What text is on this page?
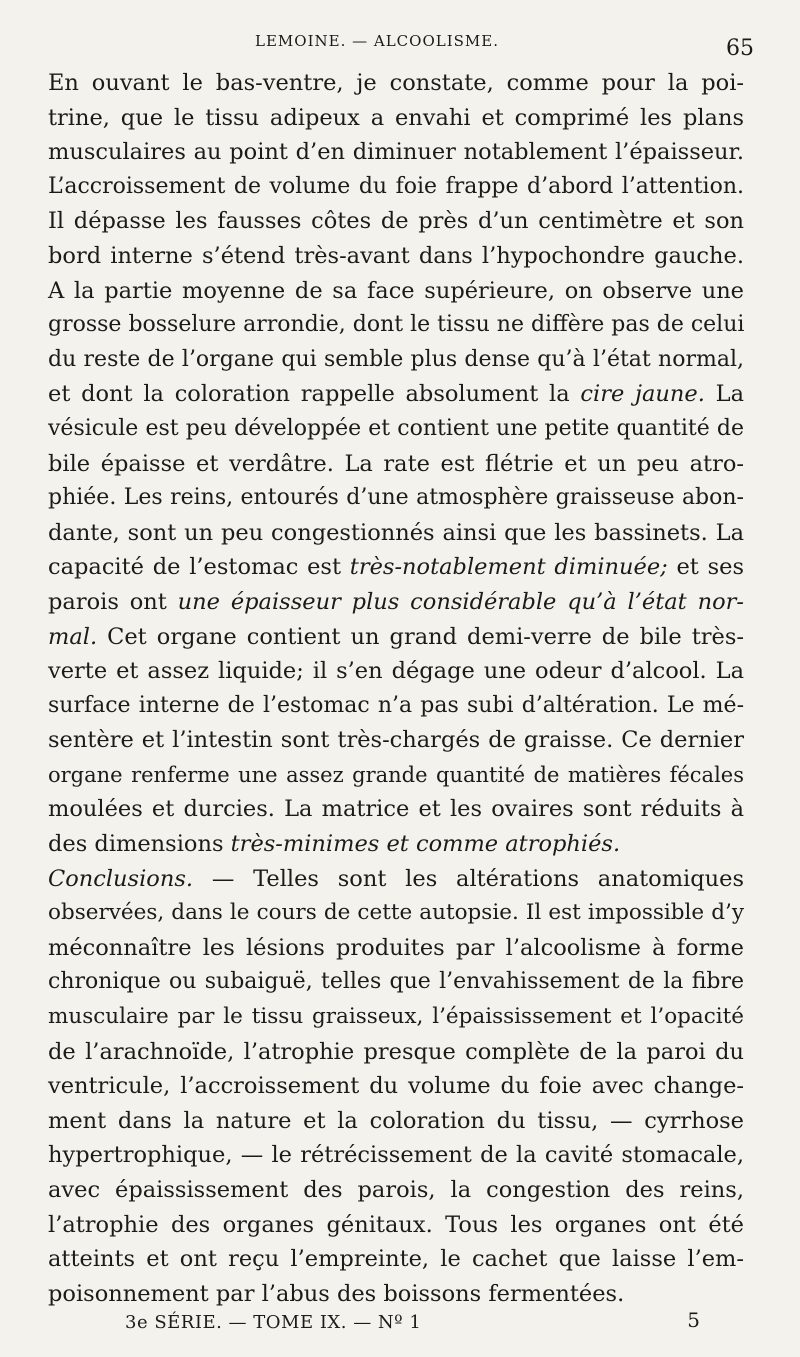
LEMOINE. — ALCOOLISME.	65
En ouvant le bas-ventre, je constate, comme pour la poi-
trine, que le tissu adipeux a envahi et comprimé les plans
musculaires au point d’en diminuer notablement l’épaisseur.
L’accroissement de volume du foie frappe d’abord l’attention.
Il dépasse les fausses côtes de près d’un centimètre et son
bord interne s’étend très-avant dans l’hypochondre gauche.
A la partie moyenne de sa face supérieure, on observe une
grosse bosselure arrondie, dont le tissu ne diffère pas de celui
du reste de l’organe qui semble plus dense qu’à l’état normal,
et dont la coloration rappelle absolument la cire jaune. La
vésicule est peu développée et contient une petite quantité de
bile épaisse et verdâtre. La rate est flétrie et un peu atro-
phiée. Les reins, entourés d’une atmosphère graisseuse abon-
dante, sont un peu congestionnés ainsi que les bassinets. La
capacité de l’estomac est très-notablement diminuée; et ses
parois ont une épaisseur plus considérable qu’à l’état nor-
mal. Cet organe contient un grand demi-verre de bile très-
verte et assez liquide; il s’en dégage une odeur d’alcool. La
surface interne de l’estomac n’a pas subi d’altération. Le mé-
sentère et l’intestin sont très-chargés de graisse. Ce dernier
organe renferme une assez grande quantité de matières fécales
moulées et durcies. La matrice et les ovaires sont réduits à
des dimensions très-minimes et comme atrophiés.
Conclusions. — Telles sont les altérations anatomiques
observées, dans le cours de cette autopsie. Il est impossible d’y
méconnaître les lésions produites par l’alcoolisme à forme
chronique ou subaiguë, telles que l’envahissement de la fibre
musculaire par le tissu graisseux, l’épaississement et l’opacité
de l’arachnoïde, l’atrophie presque complète de la paroi du
ventricule, l’accroissement du volume du foie avec change-
ment dans la nature et la coloration du tissu, — cyrrhose
hypertrophique, — le rétrécissement de la cavité stomacale,
avec épaississement des parois, la congestion des reins,
l’atrophie des organes génitaux. Tous les organes ont été
atteints et ont reçu l’empreinte, le cachet que laisse l’em-
poisonnement par l’abus des boissons fermentées.
3e SÉRIE. — TOME IX. — Nº 1	5
